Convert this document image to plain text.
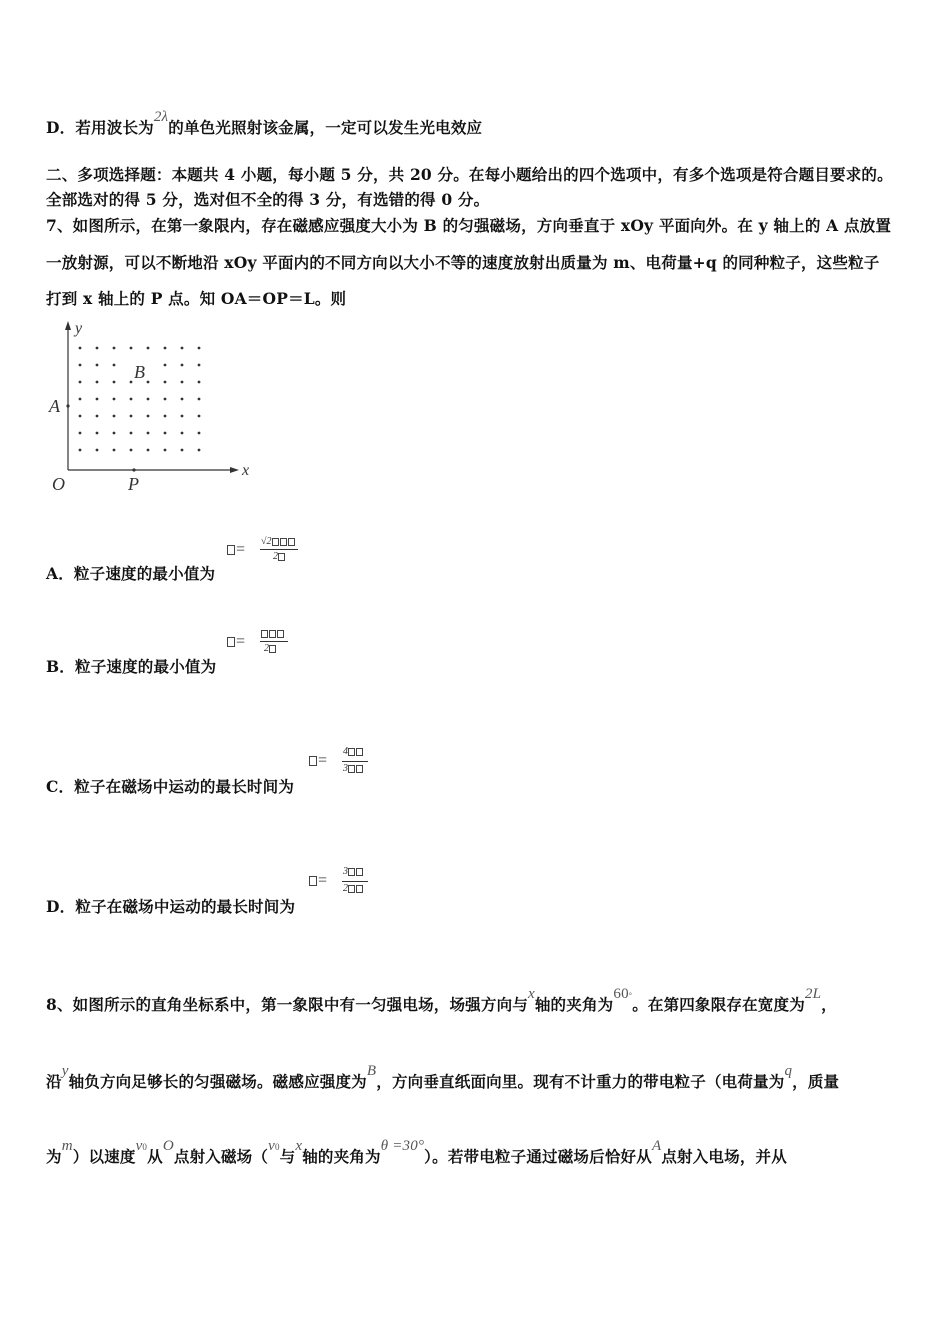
D．若用波长为2λ的单色光照射该金属，一定可以发生光电效应
二、多项选择题：本题共 4 小题，每小题 5 分，共 20 分。在每小题给出的四个选项中，有多个选项是符合题目要求的。
全部选对的得 5 分，选对但不全的得 3 分，有选错的得 0 分。
7、如图所示，在第一象限内，存在磁感应强度大小为 B 的匀强磁场，方向垂直于 xOy 平面向外。在 y 轴上的 A 点放置
一放射源，可以不断地沿 xOy 平面内的不同方向以大小不等的速度放射出质量为 m、电荷量+q 的同种粒子，这些粒子
打到 x 轴上的 P 点。知 OA＝OP＝L。则
y
x
B
A
O	P
A．粒子速度的最小值为
= √2
2
B．粒子速度的最小值为
= 2
C．粒子在磁场中运动的最长时间为
=
4
3
D．粒子在磁场中运动的最长时间为
=
3
2
8、如图所示的直角坐标系中，第一象限中有一匀强电场，场强方向与x轴的夹角为60°。在第四象限存在宽度为2L，
沿y轴负方向足够长的匀强磁场。磁感应强度为B，方向垂直纸面向里。现有不计重力的带电粒子（电荷量为q，质量
为m）以速度v0从O点射入磁场（v0与x轴的夹角为θ =30°）。若带电粒子通过磁场后恰好从A点射入电场，并从
